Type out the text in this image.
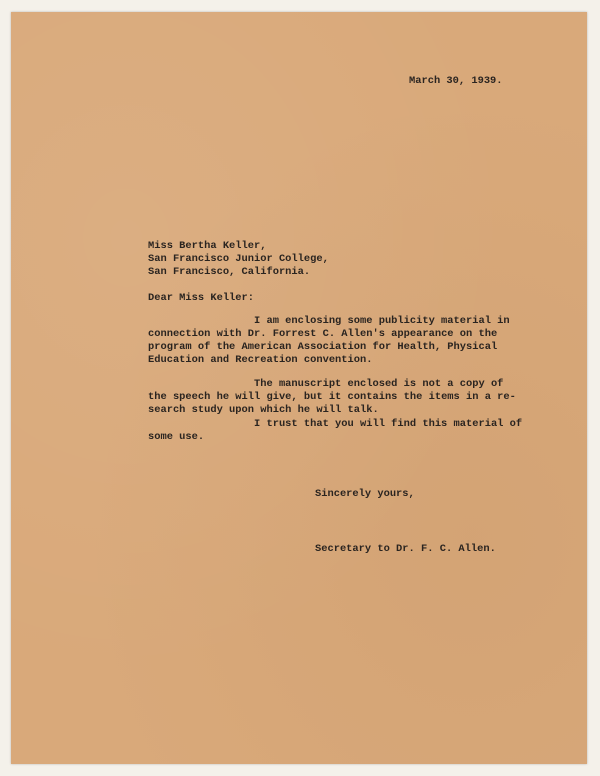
March 30, 1939.
Miss Bertha Keller,
San Francisco Junior College,
San Francisco, California.
Dear Miss Keller:
I am enclosing some publicity material in
connection with Dr. Forrest C. Allen's appearance on the
program of the American Association for Health, Physical
Education and Recreation convention.
The manuscript enclosed is not a copy of
the speech he will give, but it contains the items in a re-
search study upon which he will talk.
I trust that you will find this material of
some use.
Sincerely yours,
Secretary to Dr. F. C. Allen.
